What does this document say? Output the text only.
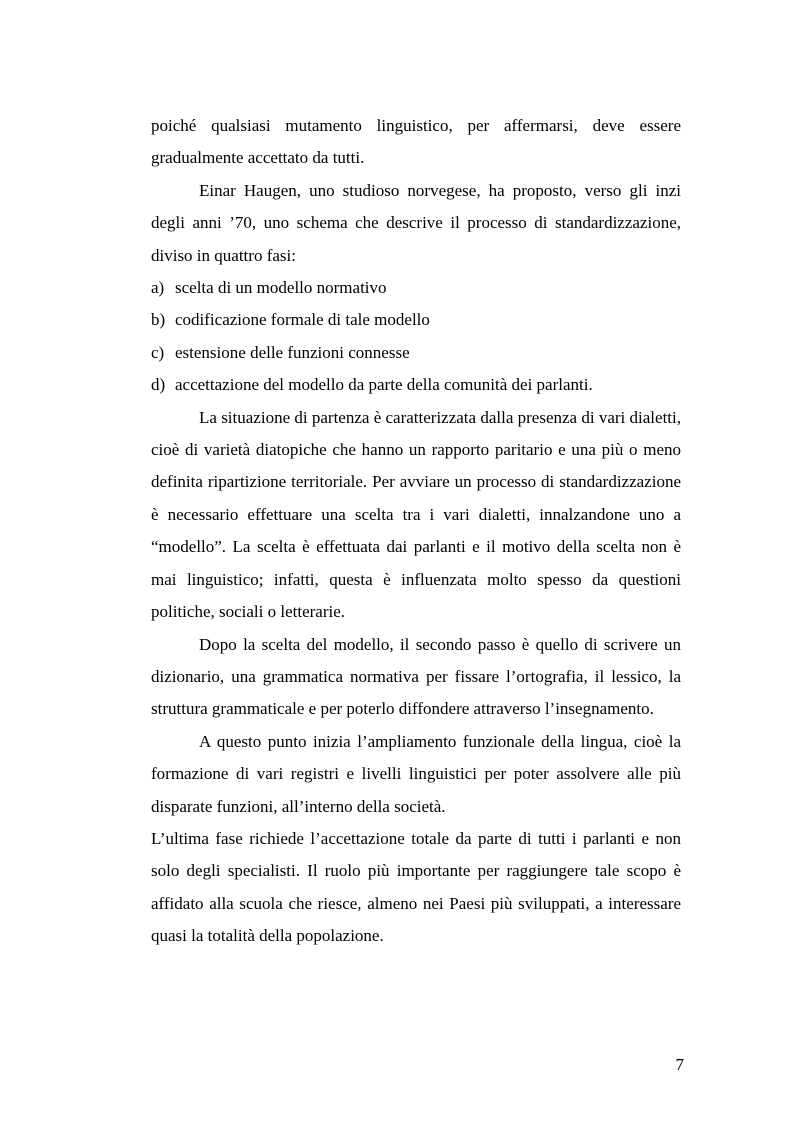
poiché qualsiasi mutamento linguistico, per affermarsi, deve essere gradualmente accettato da tutti.

Einar Haugen, uno studioso norvegese, ha proposto, verso gli inzi degli anni ’70, uno schema che descrive il processo di standardizzazione, diviso in quattro fasi:

a) scelta di un modello normativo
b) codificazione formale di tale modello
c) estensione delle funzioni connesse
d) accettazione del modello da parte della comunità dei parlanti.

La situazione di partenza è caratterizzata dalla presenza di vari dialetti, cioè di varietà diatopiche che hanno un rapporto paritario e una più o meno definita ripartizione territoriale. Per avviare un processo di standardizzazione è necessario effettuare una scelta tra i vari dialetti, innalzandone uno a “modello”. La scelta è effettuata dai parlanti e il motivo della scelta non è mai linguistico; infatti, questa è influenzata molto spesso da questioni politiche, sociali o letterarie.

Dopo la scelta del modello, il secondo passo è quello di scrivere un dizionario, una grammatica normativa per fissare l’ortografia, il lessico, la struttura grammaticale e per poterlo diffondere attraverso l’insegnamento.

A questo punto inizia l’ampliamento funzionale della lingua, cioè la formazione di vari registri e livelli linguistici per poter assolvere alle più disparate funzioni, all’interno della società.

L’ultima fase richiede l’accettazione totale da parte di tutti i parlanti e non solo degli specialisti. Il ruolo più importante per raggiungere tale scopo è affidato alla scuola che riesce, almeno nei Paesi più sviluppati, a interessare quasi la totalità della popolazione.

7
